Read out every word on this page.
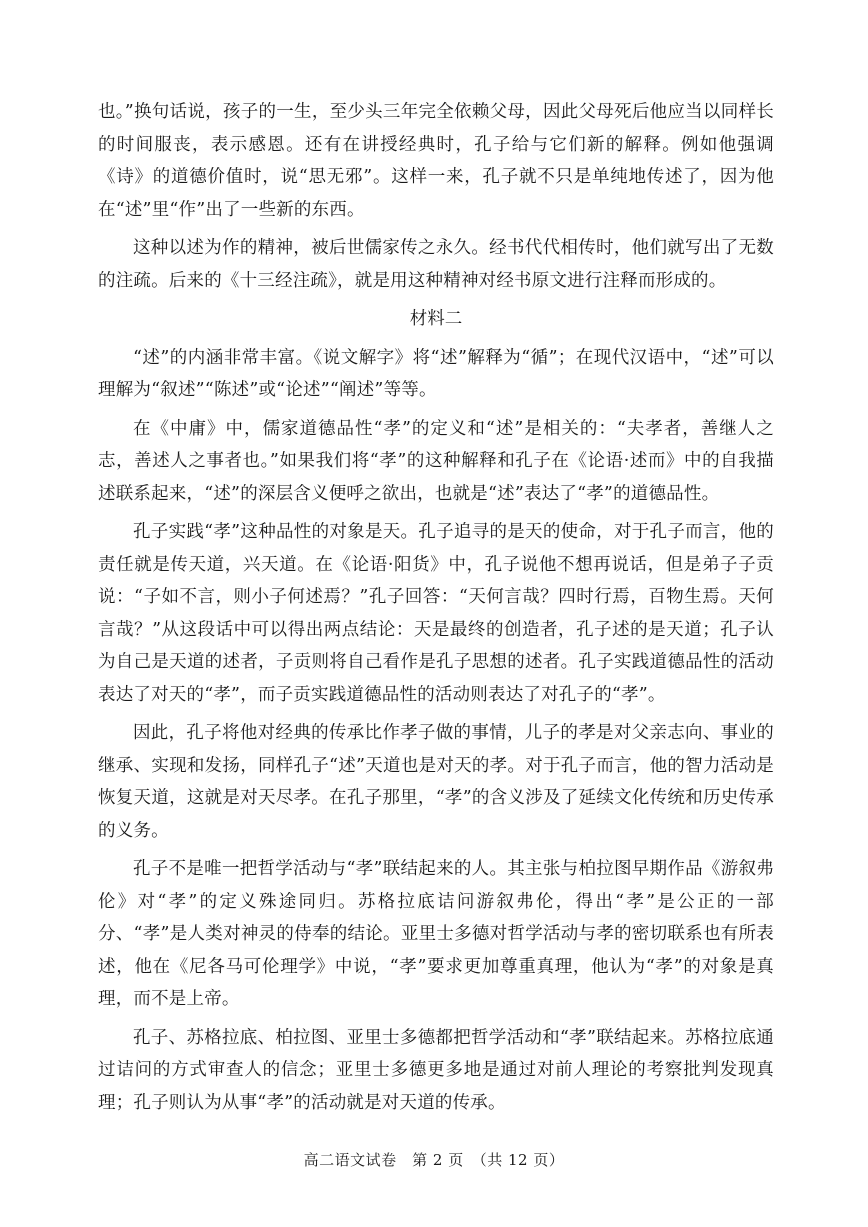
也。”换句话说，孩子的一生，至少头三年完全依赖父母，因此父母死后他应当以同样长的时间服丧，表示感恩。还有在讲授经典时，孔子给与它们新的解释。例如他强调《诗》的道德价值时，说“思无邪”。这样一来，孔子就不只是单纯地传述了，因为他在“述”里“作”出了一些新的东西。

这种以述为作的精神，被后世儒家传之永久。经书代代相传时，他们就写出了无数的注疏。后来的《十三经注疏》，就是用这种精神对经书原文进行注释而形成的。

材料二

“述”的内涵非常丰富。《说文解字》将“述”解释为“循”；在现代汉语中，“述”可以理解为“叙述”“陈述”或“论述”“阐述”等等。

在《中庸》中，儒家道德品性“孝”的定义和“述”是相关的：“夫孝者，善继人之志，善述人之事者也。”如果我们将“孝”的这种解释和孔子在《论语·述而》中的自我描述联系起来，“述”的深层含义便呼之欲出，也就是“述”表达了“孝”的道德品性。

孔子实践“孝”这种品性的对象是天。孔子追寻的是天的使命，对于孔子而言，他的责任就是传天道，兴天道。在《论语·阳货》中，孔子说他不想再说话，但是弟子子贡说：“子如不言，则小子何述焉？”孔子回答：“天何言哉？四时行焉，百物生焉。天何言哉？”从这段话中可以得出两点结论：天是最终的创造者，孔子述的是天道；孔子认为自己是天道的述者，子贡则将自己看作是孔子思想的述者。孔子实践道德品性的活动表达了对天的“孝”，而子贡实践道德品性的活动则表达了对孔子的“孝”。

因此，孔子将他对经典的传承比作孝子做的事情，儿子的孝是对父亲志向、事业的继承、实现和发扬，同样孔子“述”天道也是对天的孝。对于孔子而言，他的智力活动是恢复天道，这就是对天尽孝。在孔子那里，“孝”的含义涉及了延续文化传统和历史传承的义务。

孔子不是唯一把哲学活动与“孝”联结起来的人。其主张与柏拉图早期作品《游叙弗伦》对“孝”的定义殊途同归。苏格拉底诘问游叙弗伦，得出“孝”是公正的一部分、“孝”是人类对神灵的侍奉的结论。亚里士多德对哲学活动与孝的密切联系也有所表述，他在《尼各马可伦理学》中说，“孝”要求更加尊重真理，他认为“孝”的对象是真理，而不是上帝。

孔子、苏格拉底、柏拉图、亚里士多德都把哲学活动和“孝”联结起来。苏格拉底通过诘问的方式审查人的信念；亚里士多德更多地是通过对前人理论的考察批判发现真理；孔子则认为从事“孝”的活动就是对天道的传承。

高二语文试卷　第 2 页　（共 12 页）
